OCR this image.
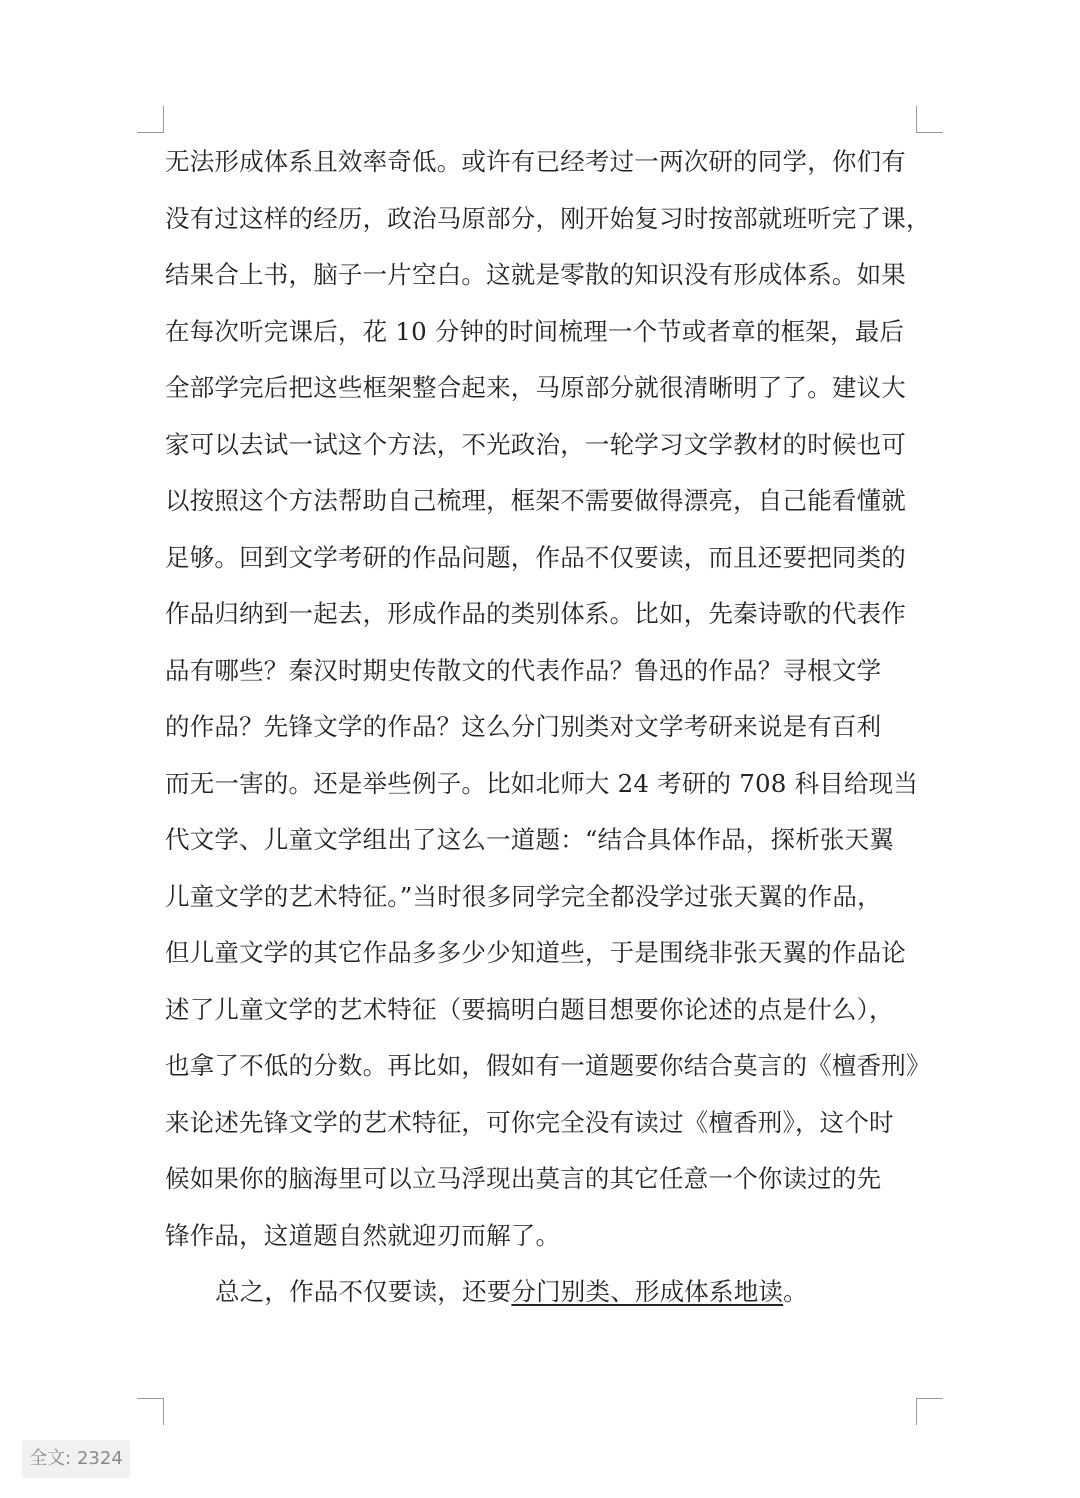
无法形成体系且效率奇低。或许有已经考过一两次研的同学，你们有
没有过这样的经历，政治马原部分，刚开始复习时按部就班听完了课，
结果合上书，脑子一片空白。这就是零散的知识没有形成体系。如果
在每次听完课后，花 10 分钟的时间梳理一个节或者章的框架，最后
全部学完后把这些框架整合起来，马原部分就很清晰明了了。建议大
家可以去试一试这个方法，不光政治，一轮学习文学教材的时候也可
以按照这个方法帮助自己梳理，框架不需要做得漂亮，自己能看懂就
足够。回到文学考研的作品问题，作品不仅要读，而且还要把同类的
作品归纳到一起去，形成作品的类别体系。比如，先秦诗歌的代表作
品有哪些？秦汉时期史传散文的代表作品？鲁迅的作品？寻根文学
的作品？先锋文学的作品？这么分门别类对文学考研来说是有百利
而无一害的。还是举些例子。比如北师大 24 考研的 708 科目给现当
代文学、儿童文学组出了这么一道题：“结合具体作品，探析张天翼
儿童文学的艺术特征。”当时很多同学完全都没学过张天翼的作品，
但儿童文学的其它作品多多少少知道些，于是围绕非张天翼的作品论
述了儿童文学的艺术特征（要搞明白题目想要你论述的点是什么），
也拿了不低的分数。再比如，假如有一道题要你结合莫言的《檀香刑》
来论述先锋文学的艺术特征，可你完全没有读过《檀香刑》，这个时
候如果你的脑海里可以立马浮现出莫言的其它任意一个你读过的先
锋作品，这道题自然就迎刃而解了。
总之，作品不仅要读，还要分门别类、形成体系地读。
全文: 2324
